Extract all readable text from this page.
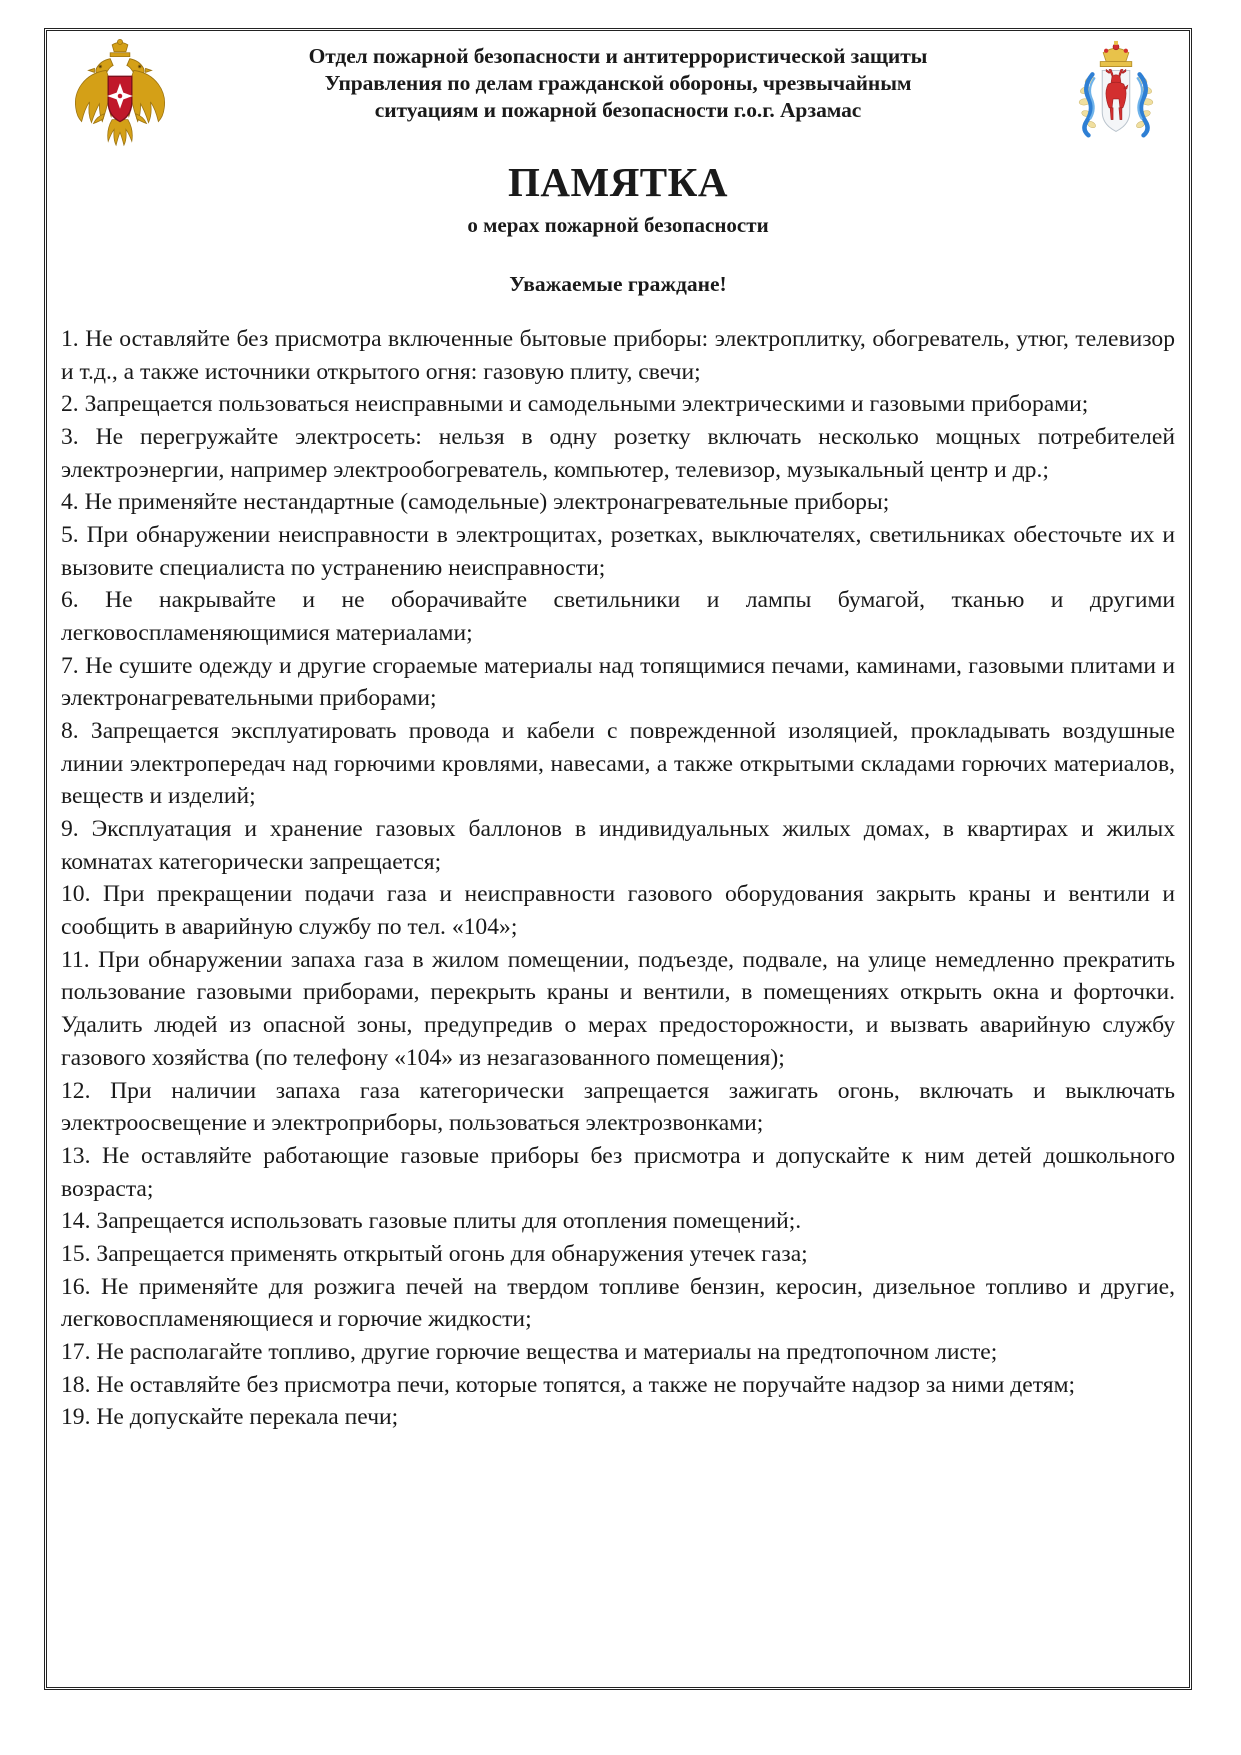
Отдел пожарной безопасности и антитеррористической защиты
Управления по делам гражданской обороны, чрезвычайным
ситуациям и пожарной безопасности г.о.г. Арзамас
ПАМЯТКА
о мерах пожарной безопасности
Уважаемые граждане!

1. Не оставляйте без присмотра включенные бытовые приборы: электроплитку, обогреватель, утюг, телевизор и т.д., а также источники открытого огня: газовую плиту, свечи;

2. Запрещается пользоваться неисправными и самодельными электрическими и газовыми приборами;

3. Не перегружайте электросеть: нельзя в одну розетку включать несколько мощных потребителей электроэнергии, например электрообогреватель, компьютер, телевизор, музыкальный центр и др.;

4. Не применяйте нестандартные (самодельные) электронагревательные приборы;

5. При обнаружении неисправности в электрощитах, розетках, выключателях, светильниках обесточьте их и вызовите специалиста по устранению неисправности;

6. Не накрывайте и не оборачивайте светильники и лампы бумагой, тканью и другими легковоспламеняющимися материалами;

7. Не сушите одежду и другие сгораемые материалы над топящимися печами, каминами, газовыми плитами и электронагревательными приборами;

8. Запрещается эксплуатировать провода и кабели с поврежденной изоляцией, прокладывать воздушные линии электропередач над горючими кровлями, навесами, а также открытыми складами горючих материалов, веществ и изделий;

9. Эксплуатация и хранение газовых баллонов в индивидуальных жилых домах, в квартирах и жилых комнатах категорически запрещается;

10. При прекращении подачи газа и неисправности газового оборудования закрыть краны и вентили и сообщить в аварийную службу по тел. «104»;

11. При обнаружении запаха газа в жилом помещении, подъезде, подвале, на улице немедленно прекратить пользование газовыми приборами, перекрыть краны и вентили, в помещениях открыть окна и форточки. Удалить людей из опасной зоны, предупредив о мерах предосторожности, и вызвать аварийную службу газового хозяйства (по телефону «104» из незагазованного помещения);

12. При наличии запаха газа категорически запрещается зажигать огонь, включать и выключать электроосвещение и электроприборы, пользоваться электрозвонками;

13. Не оставляйте работающие газовые приборы без присмотра и допускайте к ним детей дошкольного возраста;

14. Запрещается использовать газовые плиты для отопления помещений;.

15. Запрещается применять открытый огонь для обнаружения утечек газа;

16. Не применяйте для розжига печей на твердом топливе бензин, керосин, дизельное топливо и другие, легковоспламеняющиеся и горючие жидкости;

17. Не располагайте топливо, другие горючие вещества и материалы на предтопочном листе;

18. Не оставляйте без присмотра печи, которые топятся, а также не поручайте надзор за ними детям;

19. Не допускайте перекала печи;
